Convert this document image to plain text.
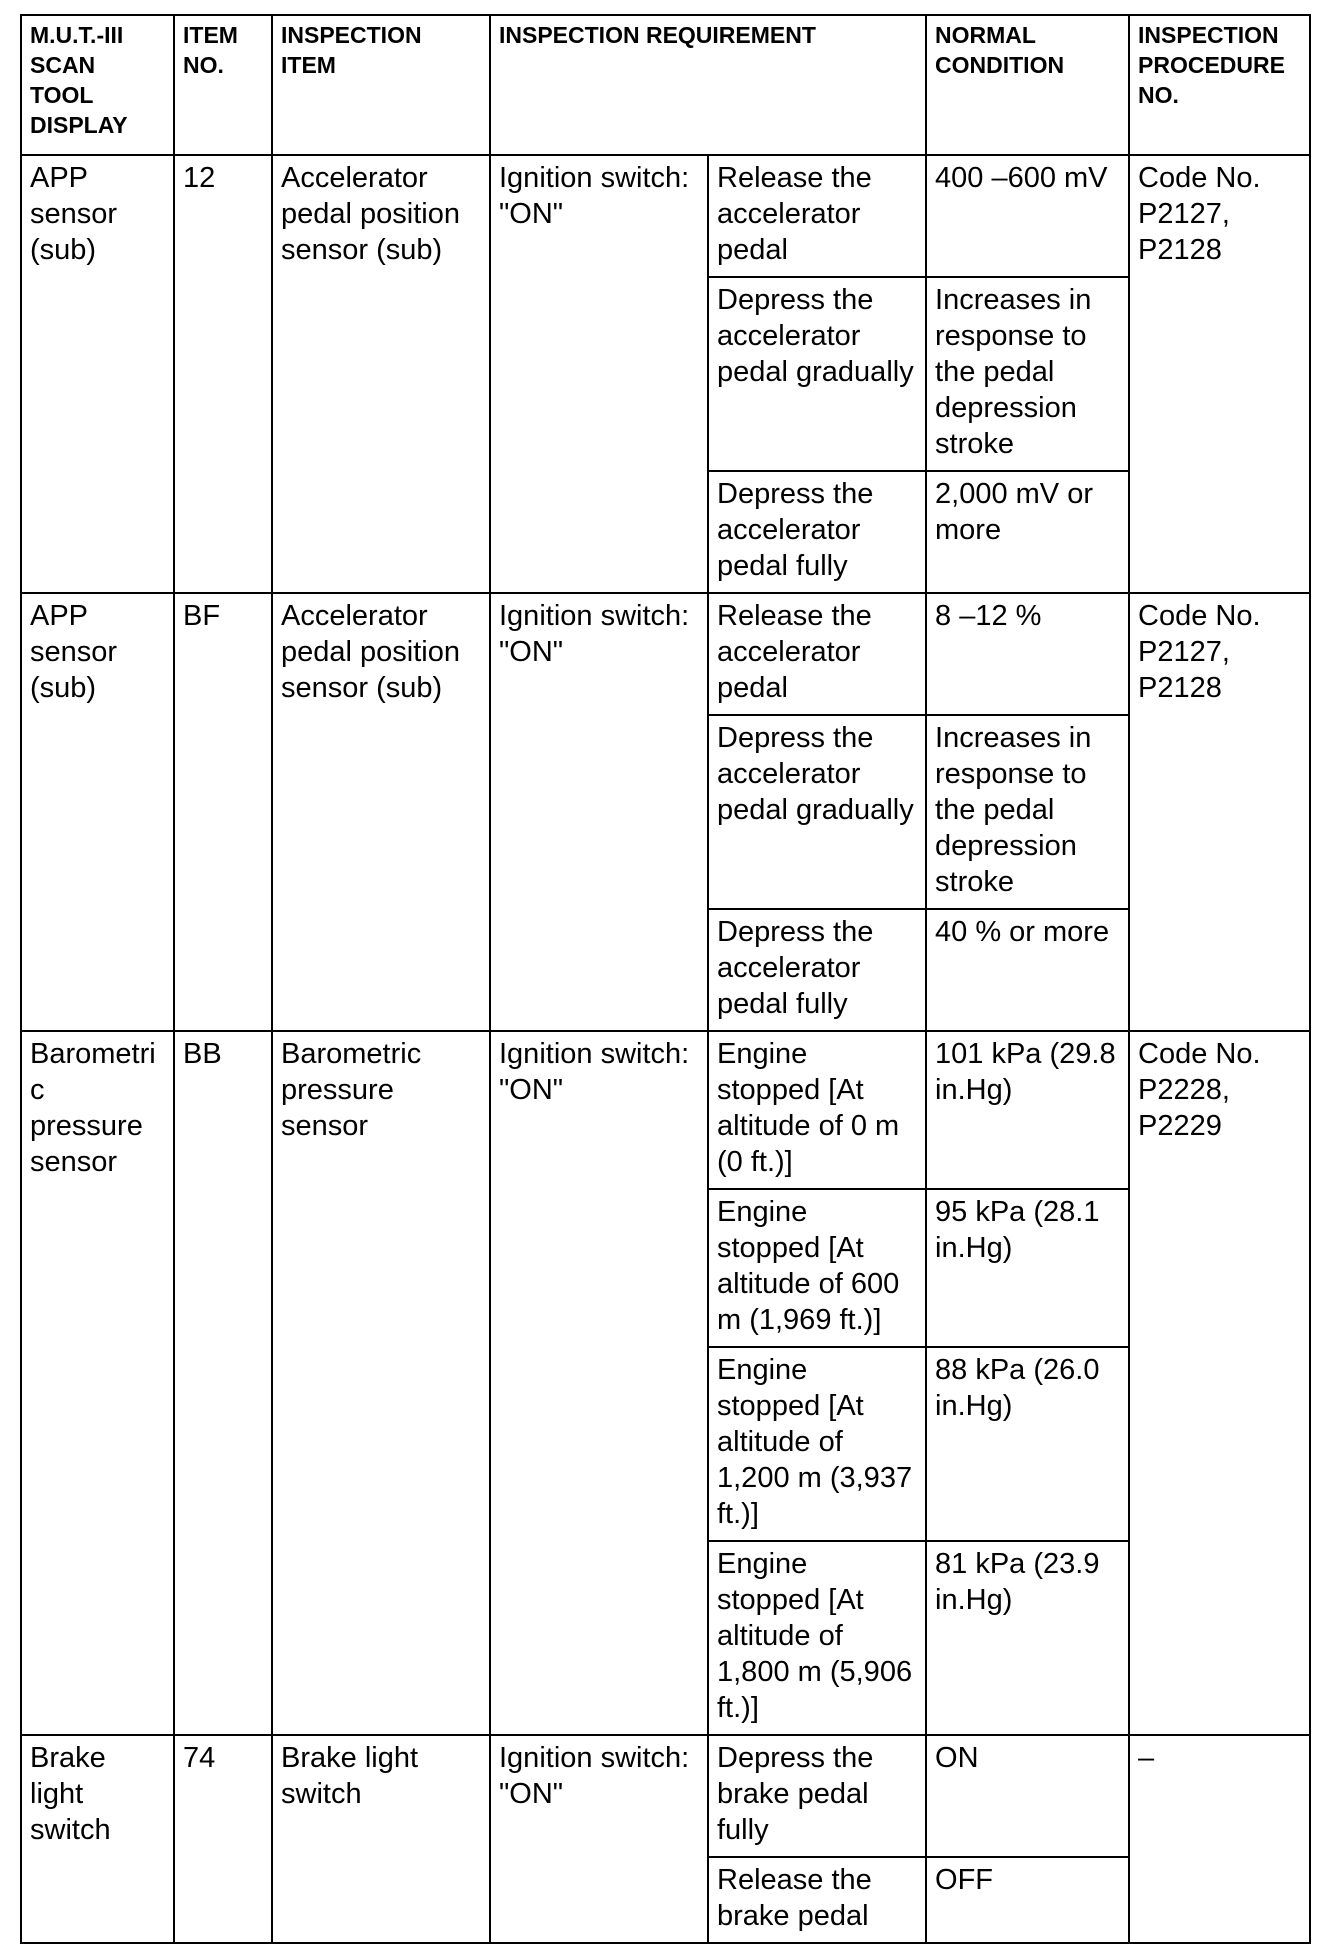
M.U.T.-III SCAN TOOL DISPLAY	ITEM NO.	INSPECTION ITEM	INSPECTION REQUIREMENT		NORMAL CONDITION	INSPECTION PROCEDURE NO.
APP sensor (sub)	12	Accelerator pedal position sensor (sub)	Ignition switch: "ON"	Release the accelerator pedal	400 –600 mV	Code No. P2127, P2128
				Depress the accelerator pedal gradually	Increases in response to the pedal depression stroke	
				Depress the accelerator pedal fully	2,000 mV or more	
APP sensor (sub)	BF	Accelerator pedal position sensor (sub)	Ignition switch: "ON"	Release the accelerator pedal	8 –12 %	Code No. P2127, P2128
				Depress the accelerator pedal gradually	Increases in response to the pedal depression stroke	
				Depress the accelerator pedal fully	40 % or more	
Barometri c pressure sensor	BB	Barometric pressure sensor	Ignition switch: "ON"	Engine stopped [At altitude of 0 m (0 ft.)]	101 kPa (29.8 in.Hg)	Code No. P2228, P2229
				Engine stopped [At altitude of 600 m (1,969 ft.)]	95 kPa (28.1 in.Hg)	
				Engine stopped [At altitude of 1,200 m (3,937 ft.)]	88 kPa (26.0 in.Hg)	
				Engine stopped [At altitude of 1,800 m (5,906 ft.)]	81 kPa (23.9 in.Hg)	
Brake light switch	74	Brake light switch	Ignition switch: "ON"	Depress the brake pedal fully	ON	–
				Release the brake pedal	OFF	
